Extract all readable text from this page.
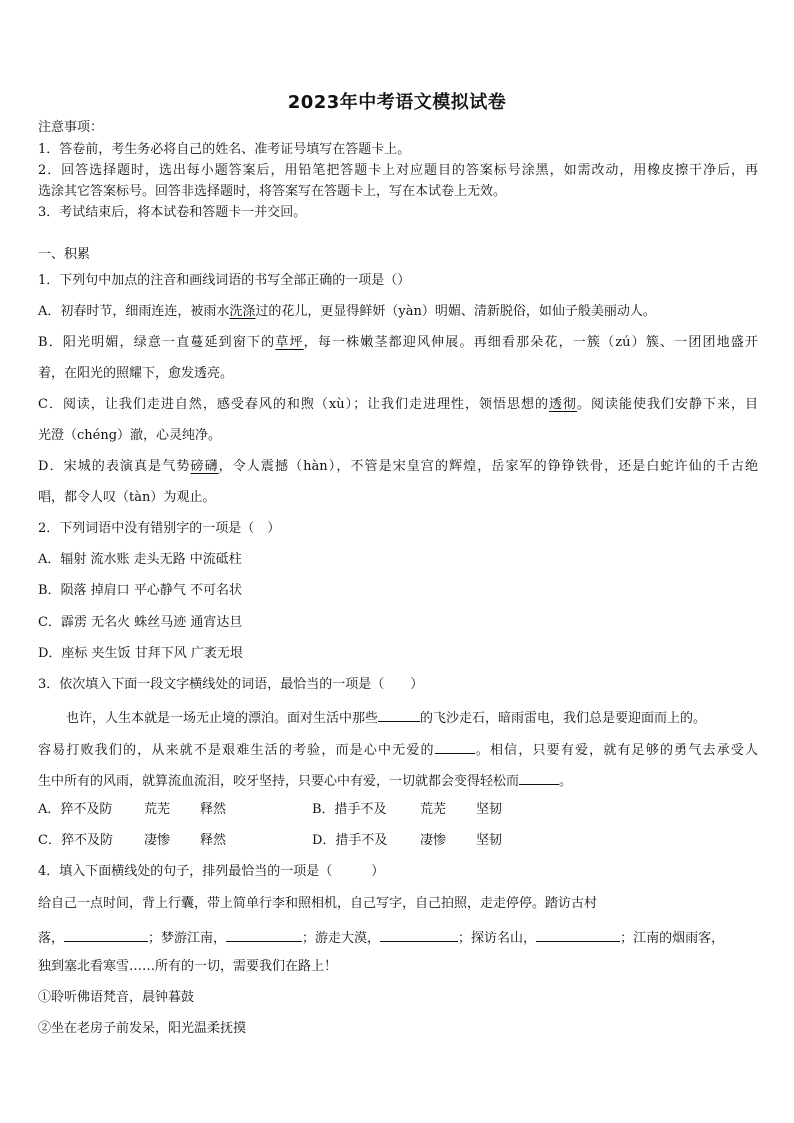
2023年中考语文模拟试卷
注意事项：
1．答卷前，考生务必将自己的姓名、准考证号填写在答题卡上。
2．回答选择题时，选出每小题答案后，用铅笔把答题卡上对应题目的答案标号涂黑，如需改动，用橡皮擦干净后，再
选涂其它答案标号。回答非选择题时，将答案写在答题卡上，写在本试卷上无效。
3．考试结束后，将本试卷和答题卡一并交回。
一、积累
1．下列句中加点的注音和画线词语的书写全部正确的一项是（）
A．初春时节，细雨连连，被雨水洗涤过的花儿，更显得鲜妍（yàn）明媚、清新脱俗，如仙子般美丽动人。
B．阳光明媚，绿意一直蔓延到窗下的草坪，每一株嫩茎都迎风伸展。再细看那朵花，一簇（zú）簇、一团团地盛开
着，在阳光的照耀下，愈发透亮。
C．阅读，让我们走进自然，感受春风的和煦（xù）；让我们走进理性，领悟思想的透彻。阅读能使我们安静下来，目
光澄（chéng）澈，心灵纯净。
D．宋城的表演真是气势磅礴，令人震撼（hàn），不管是宋皇宫的辉煌，岳家军的铮铮铁骨，还是白蛇许仙的千古绝
唱，都令人叹（tàn）为观止。
2．下列词语中没有错别字的一项是（　）
A．辐射 流水账 走头无路 中流砥柱
B．陨落 掉肩口 平心静气 不可名状
C．霹雳 无名火 蛛丝马迹 通宵达旦
D．座标 夹生饭 甘拜下风 广袤无垠
3．依次填入下面一段文字横线处的词语，最恰当的一项是（　　）
也许，人生本就是一场无止境的漂泊。面对生活中那些	的飞沙走石，暗雨雷电，我们总是要迎面而上的。
容易打败我们的，从来就不是艰难生活的考验，而是心中无爱的	。相信，只要有爱，就有足够的勇气去承受人
生中所有的风雨，就算流血流泪，咬牙坚持，只要心中有爱，一切就都会变得轻松而	。
A．猝不及防 荒芜 释然	B．措手不及	荒芜 坚韧
C．猝不及防 凄惨 释然	D．措手不及	凄惨 坚韧
4．填入下面横线处的句子，排列最恰当的一项是（　　　）
给自己一点时间，背上行囊，带上简单行李和照相机，自己写字，自己拍照，走走停停。踏访古村
落，	；梦游江南，	；游走大漠，	；探访名山，	；江南的烟雨客，
独到塞北看寒雪……所有的一切，需要我们在路上！
①聆听佛语梵音，晨钟暮鼓
②坐在老房子前发呆，阳光温柔抚摸
